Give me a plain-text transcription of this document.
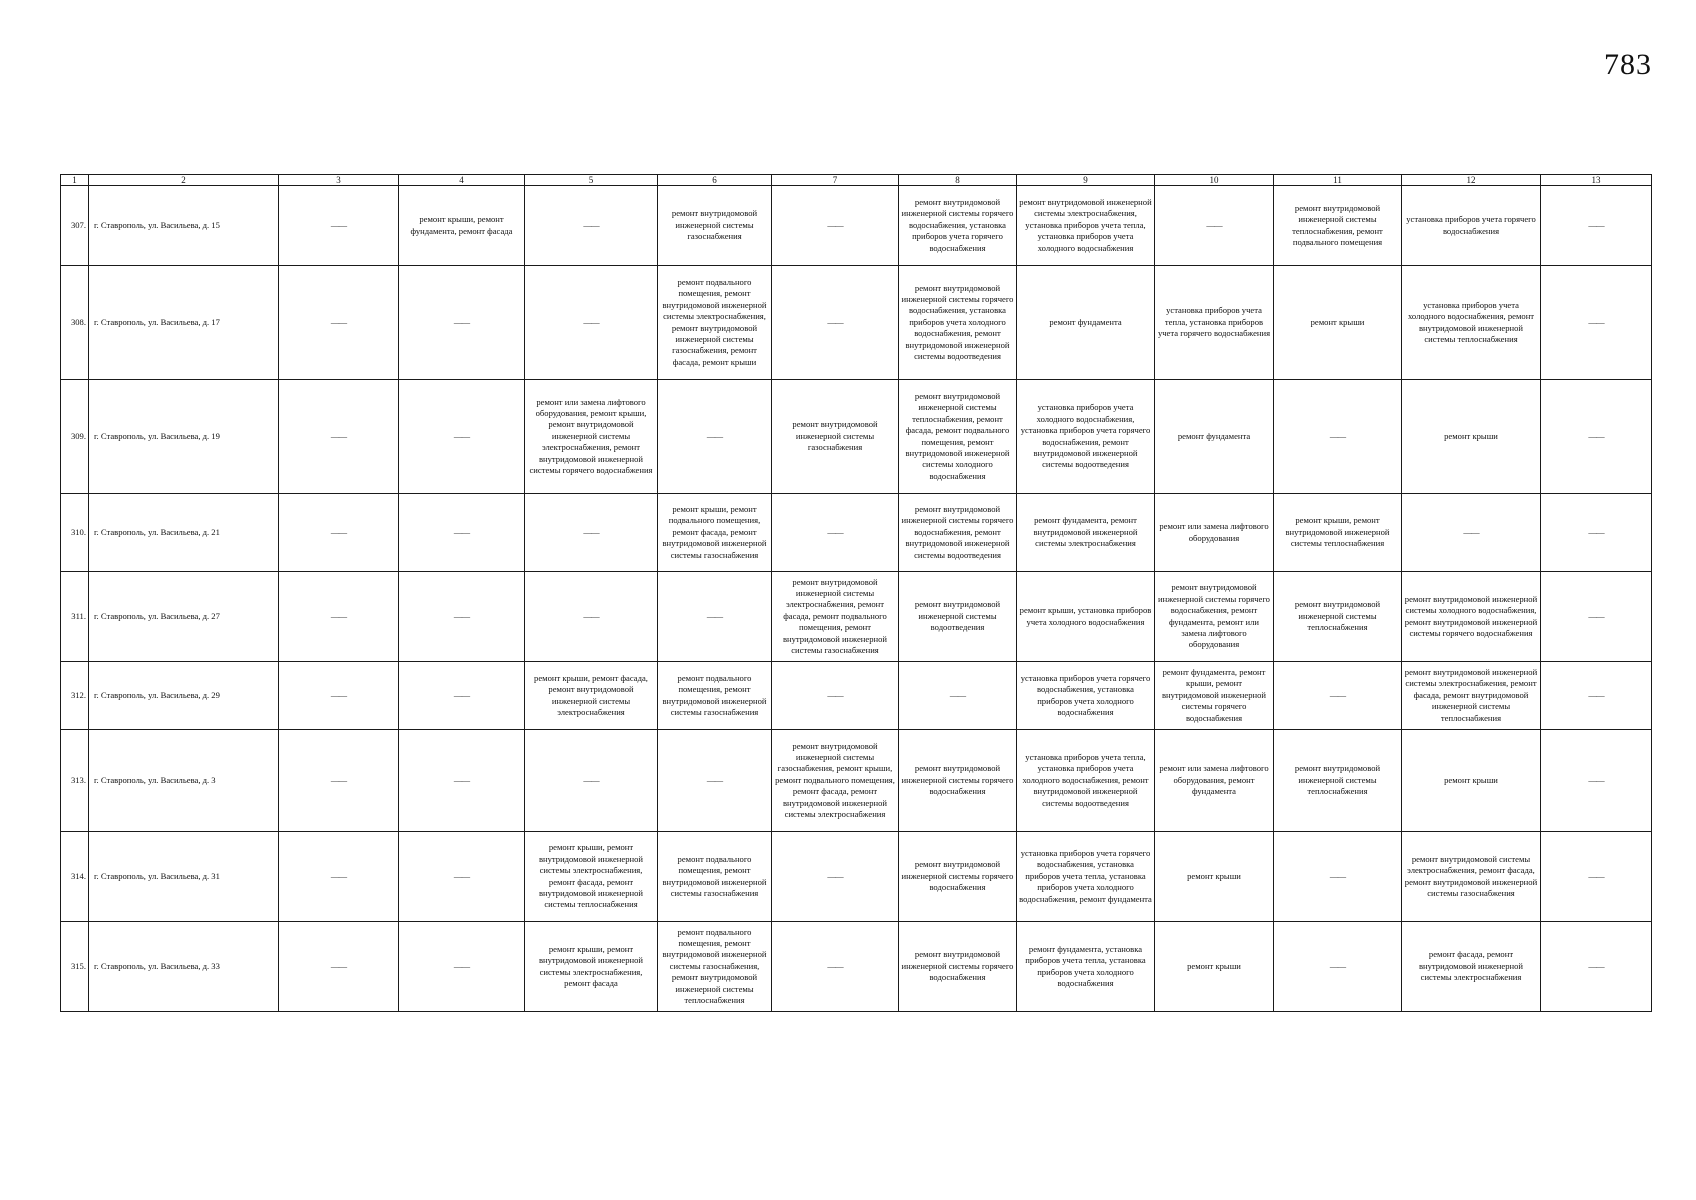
783
1	2	3	4	5	6	7	8	9	10	11	12	13
307.	г. Ставрополь, ул. Васильева, д. 15	——	ремонт крыши, ремонт фундамента, ремонт фасада	——	ремонт внутридомовой инженерной системы газоснабжения	——	ремонт внутридомовой инженерной системы горячего водоснабжения, установка приборов учета горячего водоснабжения	ремонт внутридомовой инженерной системы электроснабжения, установка приборов учета тепла, установка приборов учета холодного водоснабжения	——	ремонт внутридомовой инженерной системы теплоснабжения, ремонт подвального помещения	установка приборов учета горячего водоснабжения	——
308.	г. Ставрополь, ул. Васильева, д. 17	——	——	——	ремонт подвального помещения, ремонт внутридомовой инженерной системы электроснабжения, ремонт внутридомовой инженерной системы газоснабжения, ремонт фасада, ремонт крыши	——	ремонт внутридомовой инженерной системы горячего водоснабжения, установка приборов учета холодного водоснабжения, ремонт внутридомовой инженерной системы водоотведения	ремонт фундамента	установка приборов учета тепла, установка приборов учета горячего водоснабжения	ремонт крыши	установка приборов учета холодного водоснабжения, ремонт внутридомовой инженерной системы теплоснабжения	——
309.	г. Ставрополь, ул. Васильева, д. 19	——	——	ремонт или замена лифтового оборудования, ремонт крыши, ремонт внутридомовой инженерной системы электроснабжения, ремонт внутридомовой инженерной системы горячего водоснабжения	——	ремонт внутридомовой инженерной системы газоснабжения	ремонт внутридомовой инженерной системы теплоснабжения, ремонт фасада, ремонт подвального помещения, ремонт внутридомовой инженерной системы холодного водоснабжения	установка приборов учета холодного водоснабжения, установка приборов учета горячего водоснабжения, ремонт внутридомовой инженерной системы водоотведения	ремонт фундамента	——	ремонт крыши	——
310.	г. Ставрополь, ул. Васильева, д. 21	——	——	——	ремонт крыши, ремонт подвального помещения, ремонт фасада, ремонт внутридомовой инженерной системы газоснабжения	——	ремонт внутридомовой инженерной системы горячего водоснабжения, ремонт внутридомовой инженерной системы водоотведения	ремонт фундамента, ремонт внутридомовой инженерной системы электроснабжения	ремонт или замена лифтового оборудования	ремонт крыши, ремонт внутридомовой инженерной системы теплоснабжения	——	——
311.	г. Ставрополь, ул. Васильева, д. 27	——	——	——	——	ремонт внутридомовой инженерной системы электроснабжения, ремонт фасада, ремонт подвального помещения, ремонт внутридомовой инженерной системы газоснабжения	ремонт внутридомовой инженерной системы водоотведения	ремонт крыши, установка приборов учета холодного водоснабжения	ремонт внутридомовой инженерной системы горячего водоснабжения, ремонт фундамента, ремонт или замена лифтового оборудования	ремонт внутридомовой инженерной системы теплоснабжения	ремонт внутридомовой инженерной системы холодного водоснабжения, ремонт внутридомовой инженерной системы горячего водоснабжения	——
312.	г. Ставрополь, ул. Васильева, д. 29	——	——	ремонт крыши, ремонт фасада, ремонт внутридомовой инженерной системы электроснабжения	ремонт подвального помещения, ремонт внутридомовой инженерной системы газоснабжения	——	——	установка приборов учета горячего водоснабжения, установка приборов учета холодного водоснабжения	ремонт фундамента, ремонт крыши, ремонт внутридомовой инженерной системы горячего водоснабжения	——	ремонт внутридомовой инженерной системы электроснабжения, ремонт фасада, ремонт внутридомовой инженерной системы теплоснабжения	——
313.	г. Ставрополь, ул. Васильева, д. 3	——	——	——	——	ремонт внутридомовой инженерной системы газоснабжения, ремонт крыши, ремонт подвального помещения, ремонт фасада, ремонт внутридомовой инженерной системы электроснабжения	ремонт внутридомовой инженерной системы горячего водоснабжения	установка приборов учета тепла, установка приборов учета холодного водоснабжения, ремонт внутридомовой инженерной системы водоотведения	ремонт или замена лифтового оборудования, ремонт фундамента	ремонт внутридомовой инженерной системы теплоснабжения	ремонт крыши	——
314.	г. Ставрополь, ул. Васильева, д. 31	——	——	ремонт крыши, ремонт внутридомовой инженерной системы электроснабжения, ремонт фасада, ремонт внутридомовой инженерной системы теплоснабжения	ремонт подвального помещения, ремонт внутридомовой инженерной системы газоснабжения	——	ремонт внутридомовой инженерной системы горячего водоснабжения	установка приборов учета горячего водоснабжения, установка приборов учета тепла, установка приборов учета холодного водоснабжения, ремонт фундамента	ремонт крыши	——	ремонт внутридомовой системы электроснабжения, ремонт фасада, ремонт внутридомовой инженерной системы газоснабжения	——
315.	г. Ставрополь, ул. Васильева, д. 33	——	——	ремонт крыши, ремонт внутридомовой инженерной системы электроснабжения, ремонт фасада	ремонт подвального помещения, ремонт внутридомовой инженерной системы газоснабжения, ремонт внутридомовой инженерной системы теплоснабжения	——	ремонт внутридомовой инженерной системы горячего водоснабжения	ремонт фундамента, установка приборов учета тепла, установка приборов учета холодного водоснабжения	ремонт крыши	——	ремонт фасада, ремонт внутридомовой инженерной системы электроснабжения	——
